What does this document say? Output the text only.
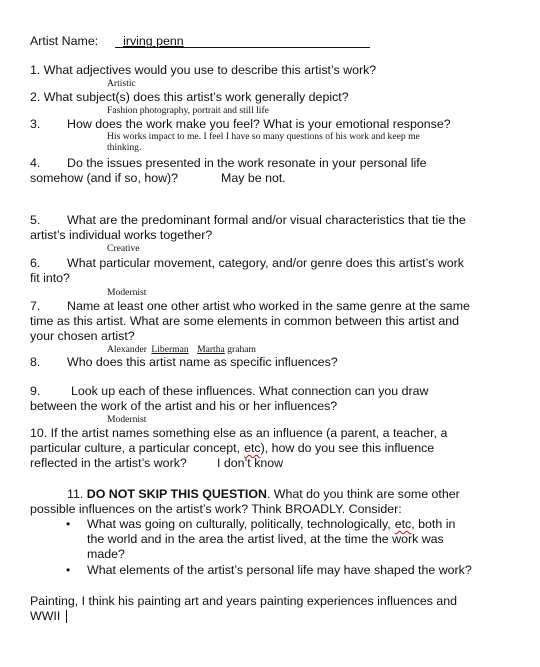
Artist Name: irving penn
1. What adjectives would you use to describe this artist’s work?
Artistic
2. What subject(s) does this artist’s work generally depict?
Fashion photography, portrait and still life
3. How does the work make you feel? What is your emotional response?
His works impact to me. I feel I have so many questions of his work and keep me
thinking.
4. Do the issues presented in the work resonate in your personal life
somehow (and if so, how)?	May be not.
5. What are the predominant formal and/or visual characteristics that tie the
artist’s individual works together?
Creative
6. What particular movement, category, and/or genre does this artist’s work
fit into?
Modernist
7. Name at least one other artist who worked in the same genre at the same
time as this artist. What are some elements in common between this artist and
your chosen artist?
Alexander Liberman Martha graham
8. Who does this artist name as specific influences?
9. Look up each of these influences. What connection can you draw
between the work of the artist and his or her influences?
Modernist
10. If the artist names something else as an influence (a parent, a teacher, a
particular culture, a particular concept, etc), how do you see this influence
reflected in the artist’s work? I don’t know
11. DO NOT SKIP THIS QUESTION. What do you think are some other
possible influences on the artist’s work? Think BROADLY. Consider:
• What was going on culturally, politically, technologically, etc, both in
the world and in the area the artist lived, at the time the work was
made?
• What elements of the artist’s personal life may have shaped the work?
Painting, I think his painting art and years painting experiences influences and
WWII
